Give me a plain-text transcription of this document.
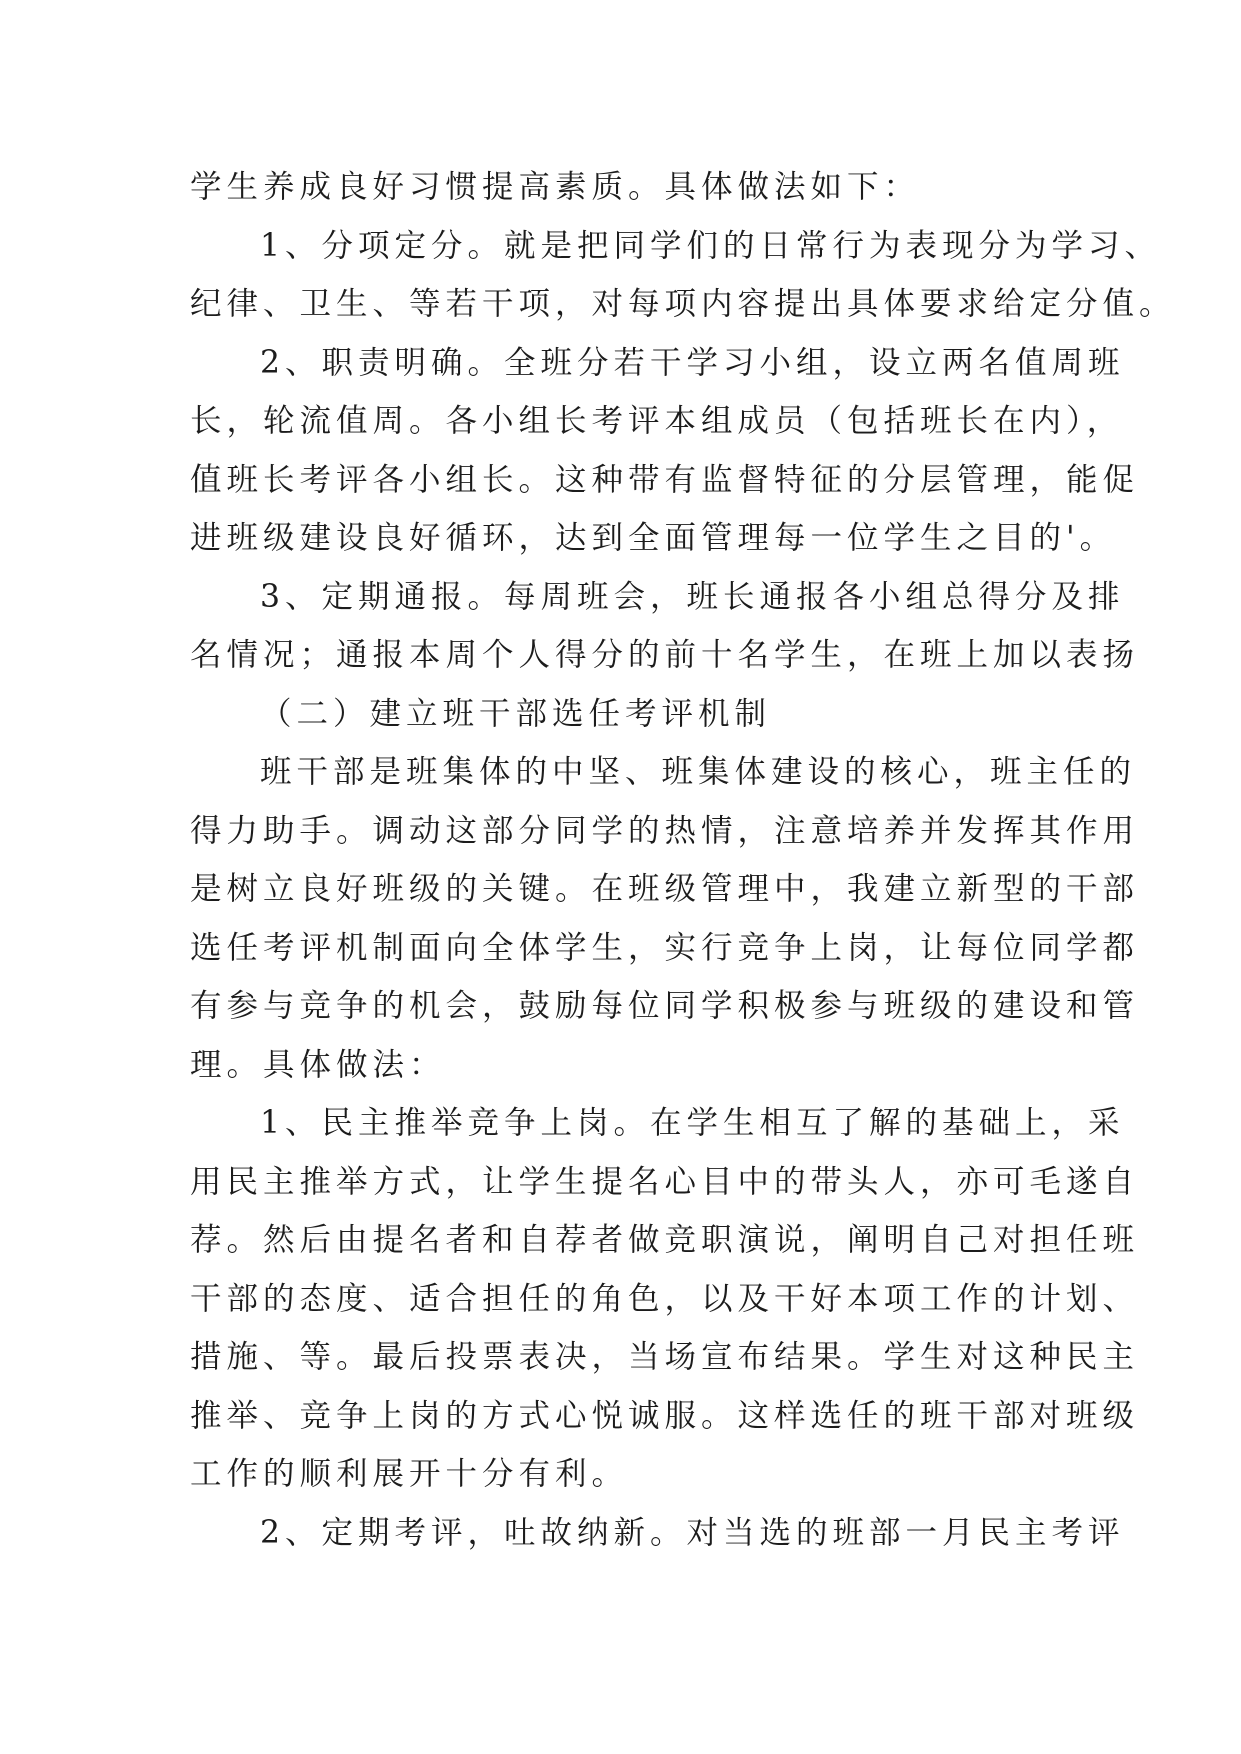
学生养成良好习惯提高素质。具体做法如下：
1、分项定分。就是把同学们的日常行为表现分为学习、
纪律、卫生、等若干项，对每项内容提出具体要求给定分值。
2、职责明确。全班分若干学习小组，设立两名值周班
长，轮流值周。各小组长考评本组成员（包括班长在内），
值班长考评各小组长。这种带有监督特征的分层管理，能促
进班级建设良好循环，达到全面管理每一位学生之目的'。
3、定期通报。每周班会，班长通报各小组总得分及排
名情况；通报本周个人得分的前十名学生，在班上加以表扬
（二）建立班干部选任考评机制
班干部是班集体的中坚、班集体建设的核心，班主任的
得力助手。调动这部分同学的热情，注意培养并发挥其作用
是树立良好班级的关键。在班级管理中，我建立新型的干部
选任考评机制面向全体学生，实行竞争上岗，让每位同学都
有参与竞争的机会，鼓励每位同学积极参与班级的建设和管
理。具体做法：
1、民主推举竞争上岗。在学生相互了解的基础上，采
用民主推举方式，让学生提名心目中的带头人，亦可毛遂自
荐。然后由提名者和自荐者做竞职演说，阐明自己对担任班
干部的态度、适合担任的角色，以及干好本项工作的计划、
措施、等。最后投票表决，当场宣布结果。学生对这种民主
推举、竞争上岗的方式心悦诚服。这样选任的班干部对班级
工作的顺利展开十分有利。
2、定期考评，吐故纳新。对当选的班部一月民主考评
